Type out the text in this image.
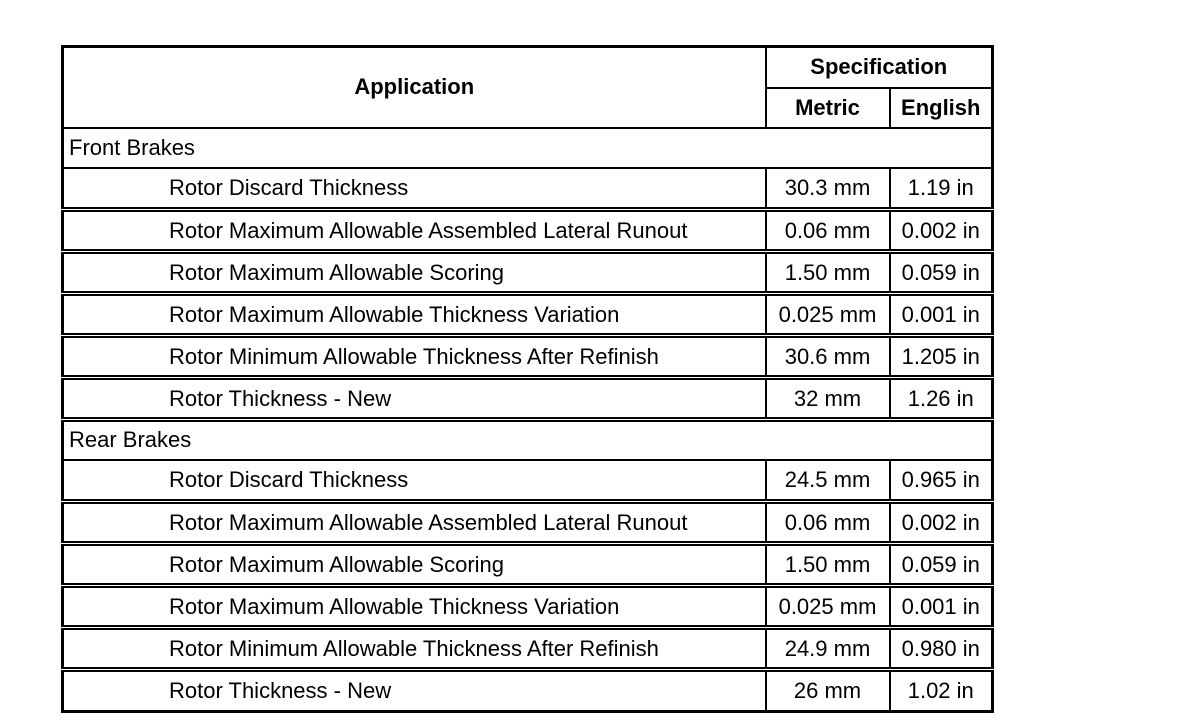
Application	Specification	
	Metric	English
Front Brakes		
Rotor Discard Thickness	30.3 mm	1.19 in
Rotor Maximum Allowable Assembled Lateral Runout	0.06 mm	0.002 in
Rotor Maximum Allowable Scoring	1.50 mm	0.059 in
Rotor Maximum Allowable Thickness Variation	0.025 mm	0.001 in
Rotor Minimum Allowable Thickness After Refinish	30.6 mm	1.205 in
Rotor Thickness - New	32 mm	1.26 in
Rear Brakes		
Rotor Discard Thickness	24.5 mm	0.965 in
Rotor Maximum Allowable Assembled Lateral Runout	0.06 mm	0.002 in
Rotor Maximum Allowable Scoring	1.50 mm	0.059 in
Rotor Maximum Allowable Thickness Variation	0.025 mm	0.001 in
Rotor Minimum Allowable Thickness After Refinish	24.9 mm	0.980 in
Rotor Thickness - New	26 mm	1.02 in
